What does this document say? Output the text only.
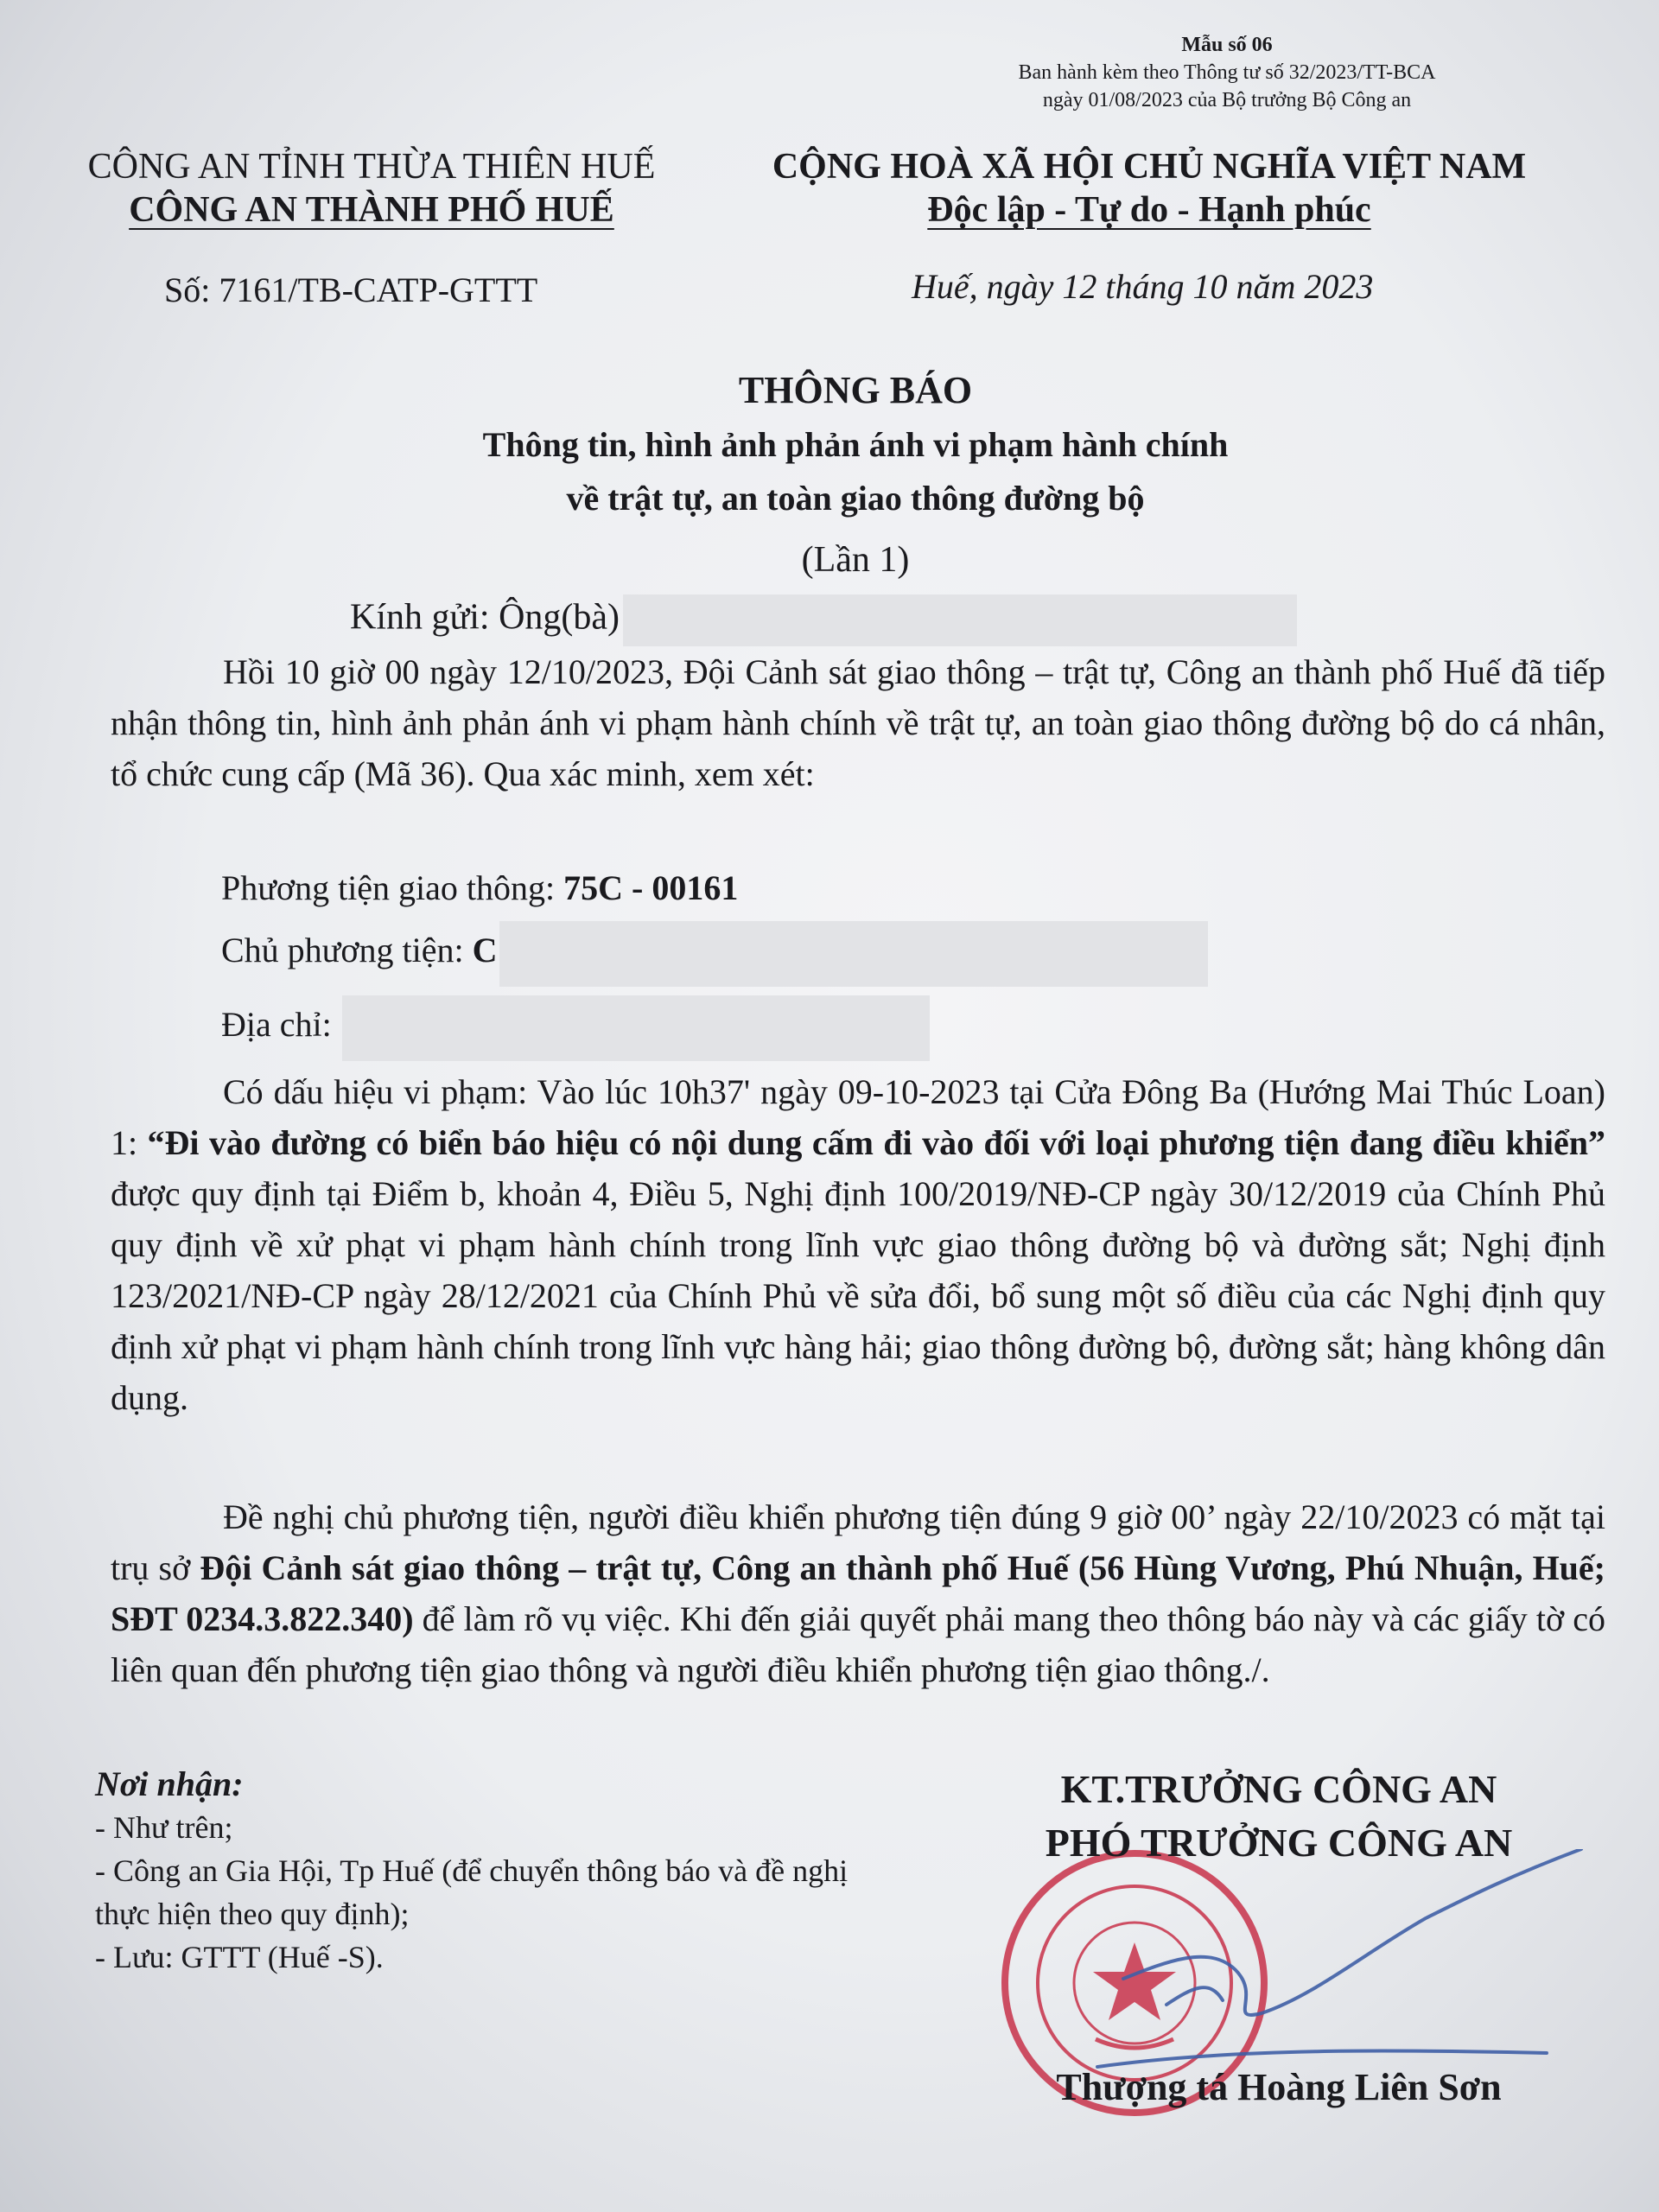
Mẫu số 06
Ban hành kèm theo Thông tư số 32/2023/TT-BCA
ngày 01/08/2023 của Bộ trưởng Bộ Công an
CÔNG AN TỈNH THỪA THIÊN HUẾ
CÔNG AN THÀNH PHỐ HUẾ
CỘNG HOÀ XÃ HỘI CHỦ NGHĨA VIỆT NAM
Độc lập - Tự do - Hạnh phúc
Số: 7161/TB-CATP-GTTT	Huế, ngày 12 tháng 10 năm 2023
THÔNG BÁO
Thông tin, hình ảnh phản ánh vi phạm hành chính
về trật tự, an toàn giao thông đường bộ
(Lần 1)
Kính gửi: Ông(bà)

Hồi 10 giờ 00 ngày 12/10/2023, Đội Cảnh sát giao thông – trật tự, Công an thành phố Huế đã tiếp nhận thông tin, hình ảnh phản ánh vi phạm hành chính về trật tự, an toàn giao thông đường bộ do cá nhân, tổ chức cung cấp (Mã 36). Qua xác minh, xem xét:

Phương tiện giao thông: 75C - 00161
Chủ phương tiện: C
Địa chỉ:

Có dấu hiệu vi phạm: Vào lúc 10h37' ngày 09-10-2023 tại Cửa Đông Ba (Hướng Mai Thúc Loan) 1: “Đi vào đường có biển báo hiệu có nội dung cấm đi vào đối với loại phương tiện đang điều khiển” được quy định tại Điểm b, khoản 4, Điều 5, Nghị định 100/2019/NĐ-CP ngày 30/12/2019 của Chính Phủ quy định về xử phạt vi phạm hành chính trong lĩnh vực giao thông đường bộ và đường sắt; Nghị định 123/2021/NĐ-CP ngày 28/12/2021 của Chính Phủ về sửa đổi, bổ sung một số điều của các Nghị định quy định xử phạt vi phạm hành chính trong lĩnh vực hàng hải; giao thông đường bộ, đường sắt; hàng không dân dụng.

Đề nghị chủ phương tiện, người điều khiển phương tiện đúng 9 giờ 00’ ngày 22/10/2023 có mặt tại trụ sở Đội Cảnh sát giao thông – trật tự, Công an thành phố Huế (56 Hùng Vương, Phú Nhuận, Huế; SĐT 0234.3.822.340) để làm rõ vụ việc. Khi đến giải quyết phải mang theo thông báo này và các giấy tờ có liên quan đến phương tiện giao thông và người điều khiển phương tiện giao thông./.

Nơi nhận:
- Như trên;
- Công an Gia Hội, Tp Huế (để chuyển thông báo và đề nghị thực hiện theo quy định);
- Lưu: GTTT (Huế -S).
KT.TRƯỞNG CÔNG AN
PHÓ TRƯỞNG CÔNG AN
Thượng tá Hoàng Liên Sơn
